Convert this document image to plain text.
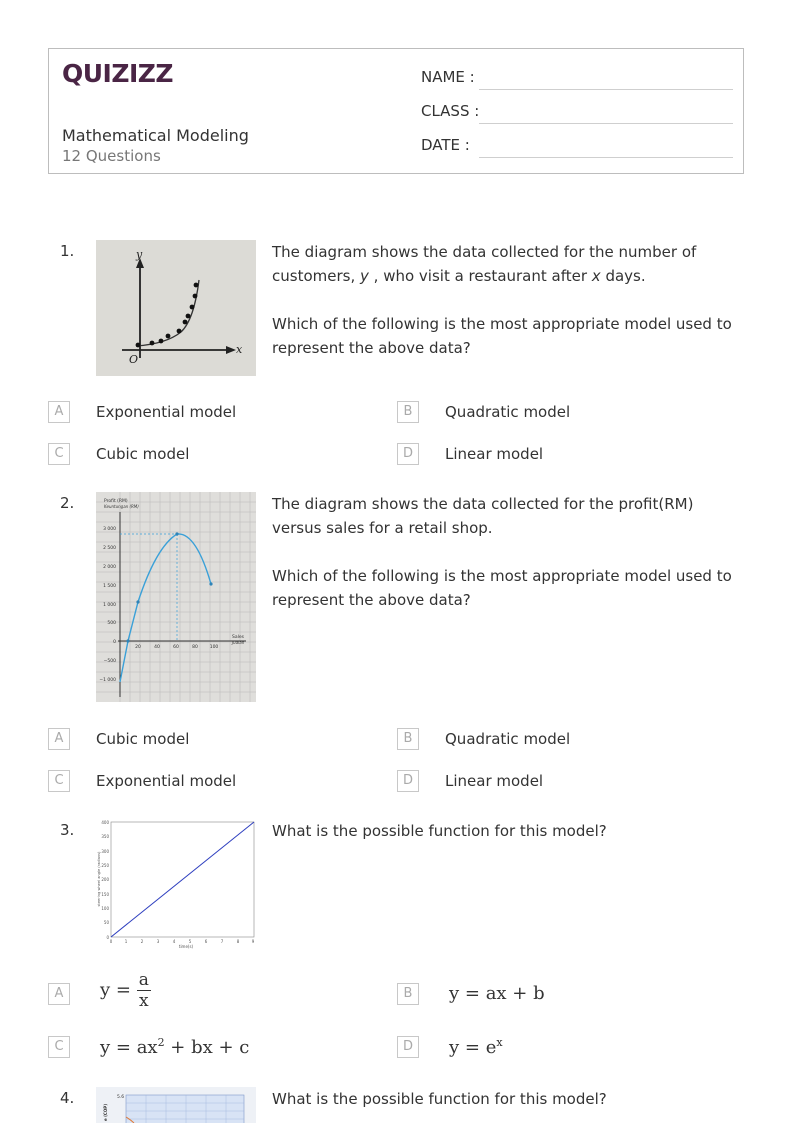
QUIZIZZ
Mathematical Modeling
12 Questions
NAME :
CLASS :
DATE :
1.	y
x
O

The diagram shows the data collected for the number of customers, y , who visit a restaurant after x days.

Which of the following is the most appropriate model used to represent the above data?

A	Exponential model	B	Quadratic model
C	Cubic model	D	Linear model
2.
3 000
2 500
2 000
1 500
1 000
500
0
−500
−1 000
20	40	60	80	100
Profit (RM)
Keuntungan (RM)
Sales
Jualan

The diagram shows the data collected for the profit(RM) versus sales for a retail shop.

Which of the following is the most appropriate model used to represent the above data?

A	Cubic model	B	Quadratic model
C	Exponential model	D	Linear model
3.	400
350
300
250
200
150
100
50
0
0	1	2	3	4	5	6	7	8	9
time(s)
steering wheel angle (radians)
What is the possible function for this model?
A	$y = \frac{a}{x}$	B	y = ax + b
C	$y = ax^2$ + bx + c	D	$y = e^x$
4.	5.6
e (COP)
What is the possible function for this model?
